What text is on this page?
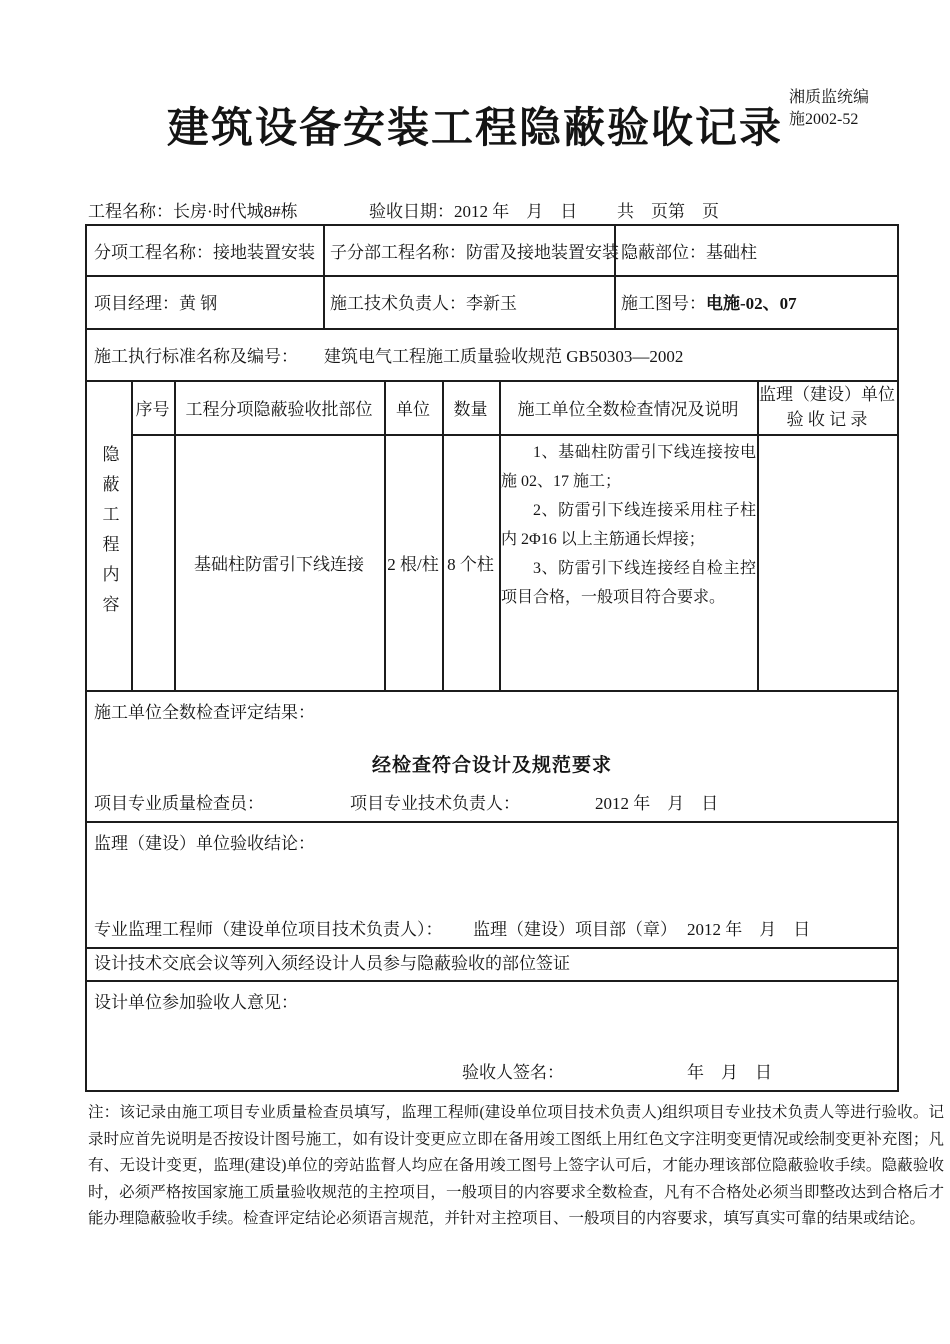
湘质监统编
施2002-52
建筑设备安装工程隐蔽验收记录
工程名称：长房·时代城8#栋	验收日期：2012 年　月　日 共　页第　页
分项工程名称： 接地装置安装 子分部工程名称： 防雷及接地装置安装 隐蔽部位： 基础柱
项目经理： 黄 钢	施工技术负责人： 李新玉	施工图号： 电施-02、07
施工执行标准名称及编号： 建筑电气工程施工质量验收规范 GB50303—2002
隐蔽工程内容
序号 工程分项隐蔽验收批部位	单位	数量	施工单位全数检查情况及说明
监理（建设）单位
验 收 记 录
基础柱防雷引下线连接	2 根/柱 8 个柱

1、基础柱防雷引下线连接按电施 02、17 施工；

2、防雷引下线连接采用柱子柱内 2Φ16 以上主筋通长焊接；

3、防雷引下线连接经自检主控项目合格，一般项目符合要求。

施工单位全数检查评定结果：
经检查符合设计及规范要求
项目专业质量检查员：	项目专业技术负责人：	2012 年　月　日
监理（建设）单位验收结论：
专业监理工程师（建设单位项目技术负责人）： 监理（建设）项目部（章） 2012 年　月　日
设计技术交底会议等列入须经设计人员参与隐蔽验收的部位签证
设计单位参加验收人意见：
验收人签名：	年　月　日
注：该记录由施工项目专业质量检查员填写，监理工程师(建设单位项目技术负责人)组织项目专业技术负责人等进行验收。记录时应首先说明是否按设计图号施工，如有设计变更应立即在备用竣工图纸上用红色文字注明变更情况或绘制变更补充图；凡有、无设计变更，监理(建设)单位的旁站监督人均应在备用竣工图号上签字认可后，才能办理该部位隐蔽验收手续。隐蔽验收时，必须严格按国家施工质量验收规范的主控项目，一般项目的内容要求全数检查，凡有不合格处必须当即整改达到合格后才能办理隐蔽验收手续。检查评定结论必须语言规范，并针对主控项目、一般项目的内容要求，填写真实可靠的结果或结论。
